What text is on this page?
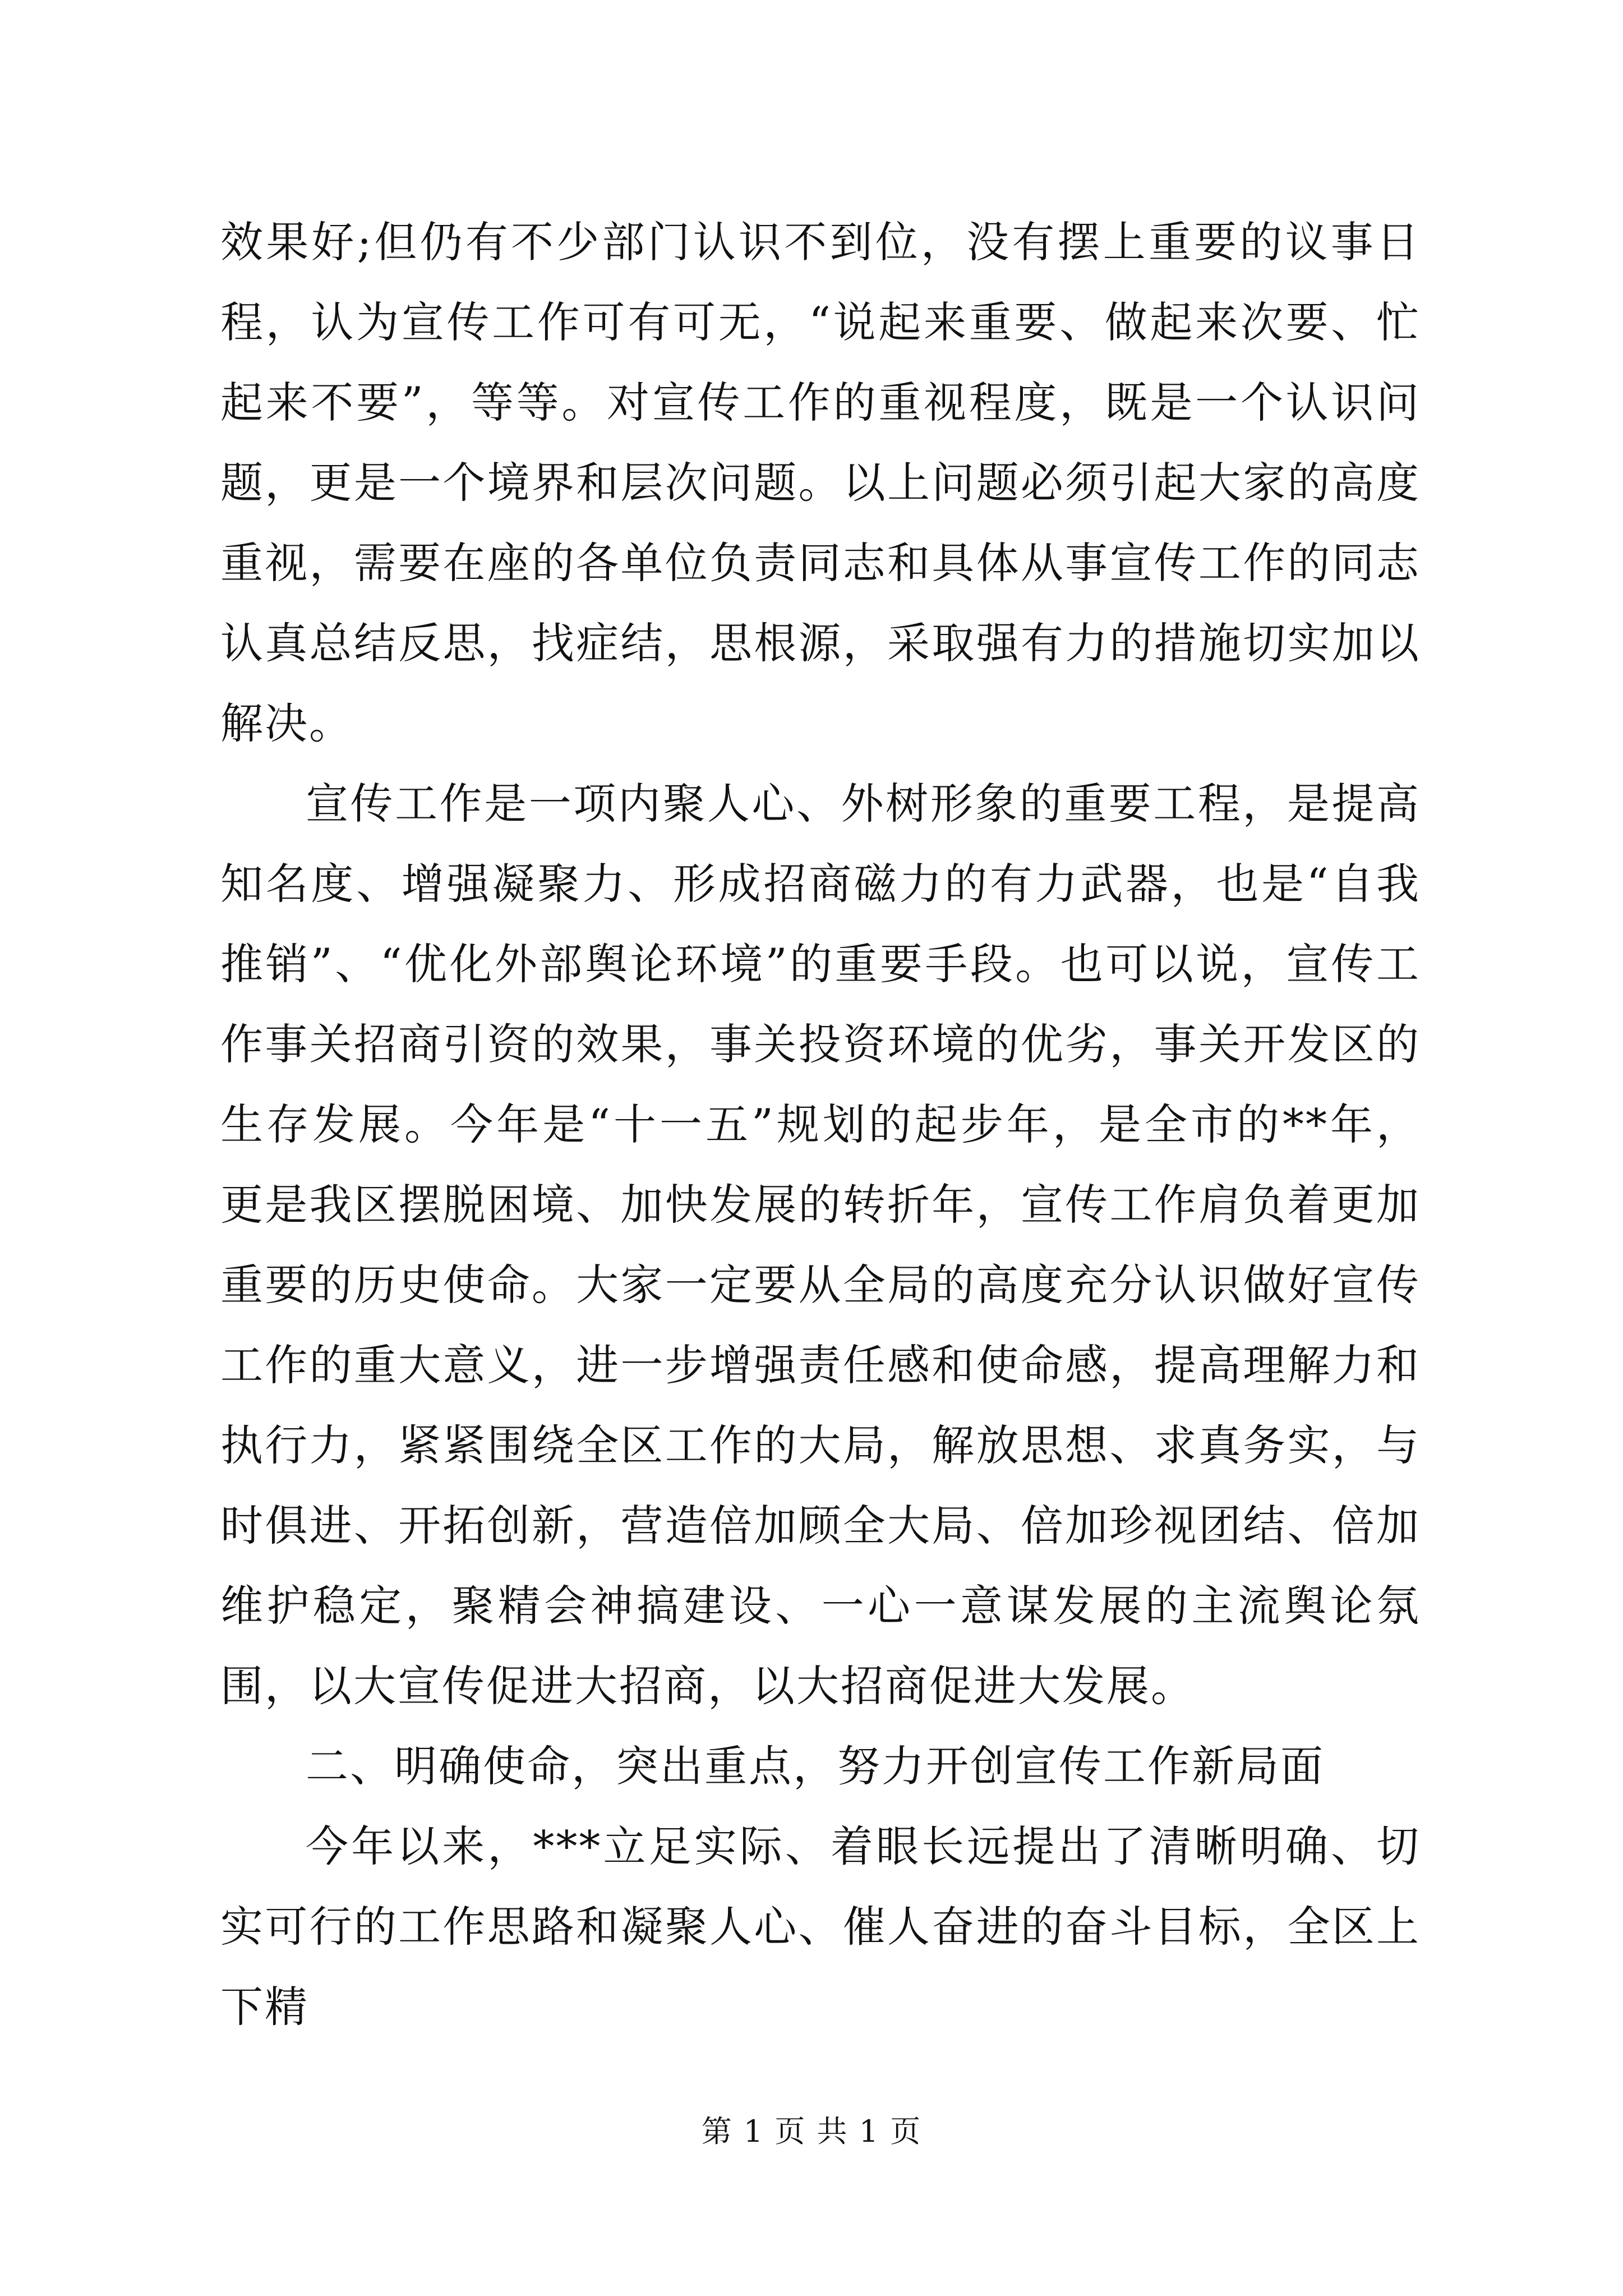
效果好;但仍有不少部门认识不到位，没有摆上重要的议事日程，认为宣传工作可有可无，“说起来重要、做起来次要、忙起来不要”，等等。对宣传工作的重视程度，既是一个认识问题，更是一个境界和层次问题。以上问题必须引起大家的高度重视，需要在座的各单位负责同志和具体从事宣传工作的同志认真总结反思，找症结，思根源，采取强有力的措施切实加以解决。

宣传工作是一项内聚人心、外树形象的重要工程，是提高知名度、增强凝聚力、形成招商磁力的有力武器，也是“自我推销”、“优化外部舆论环境”的重要手段。也可以说，宣传工作事关招商引资的效果，事关投资环境的优劣，事关开发区的生存发展。今年是“十一五”规划的起步年，是全市的**年，更是我区摆脱困境、加快发展的转折年，宣传工作肩负着更加重要的历史使命。大家一定要从全局的高度充分认识做好宣传工作的重大意义，进一步增强责任感和使命感，提高理解力和执行力，紧紧围绕全区工作的大局，解放思想、求真务实，与时俱进、开拓创新，营造倍加顾全大局、倍加珍视团结、倍加维护稳定，聚精会神搞建设、一心一意谋发展的主流舆论氛围，以大宣传促进大招商，以大招商促进大发展。

二、明确使命，突出重点，努力开创宣传工作新局面

今年以来，***立足实际、着眼长远提出了清晰明确、切实可行的工作思路和凝聚人心、催人奋进的奋斗目标，全区上下精

第 1 页 共 1 页
